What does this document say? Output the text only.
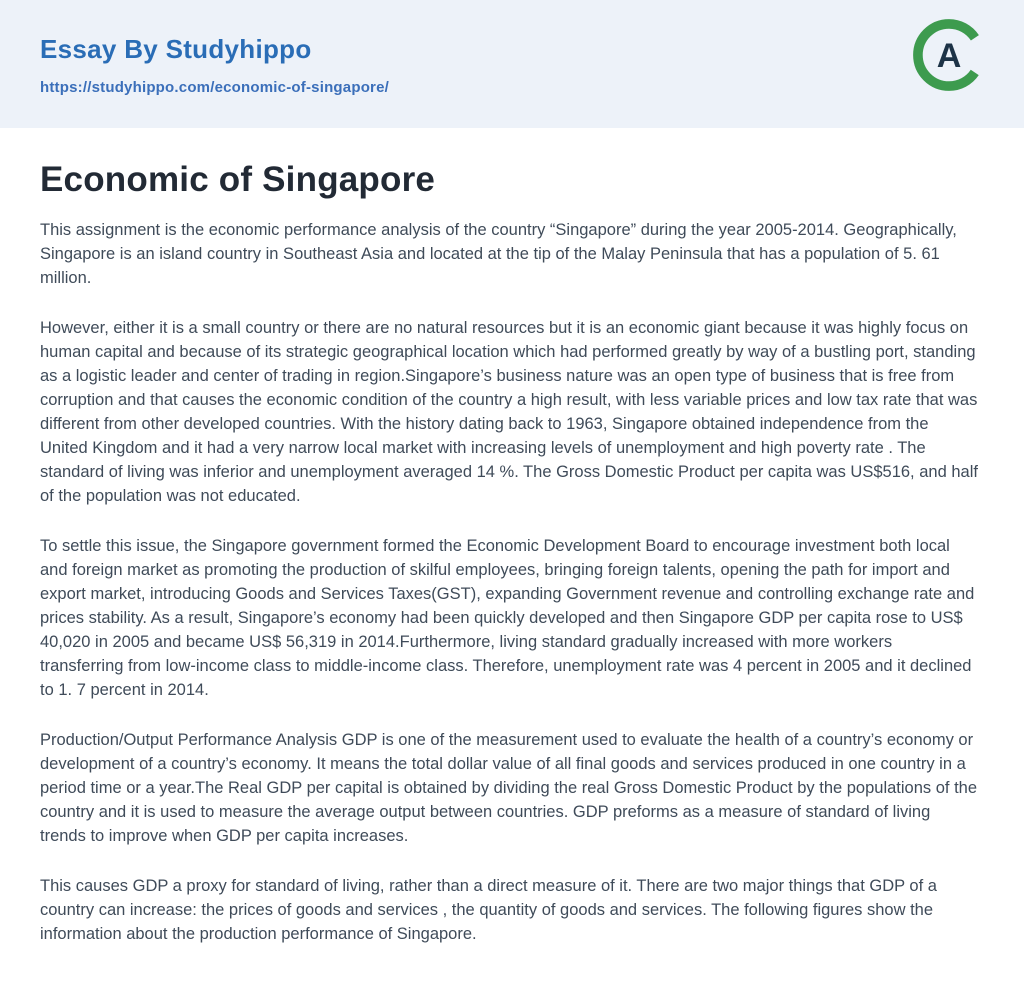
Essay By Studyhippo
https://studyhippo.com/economic-of-singapore/
A
Economic of Singapore

This assignment is the economic performance analysis of the country “Singapore” during the year 2005-2014. Geographically, Singapore is an island country in Southeast Asia and located at the tip of the Malay Peninsula that has a population of 5. 61 million.

However, either it is a small country or there are no natural resources but it is an economic giant because it was highly focus on human capital and because of its strategic geographical location which had performed greatly by way of a bustling port, standing as a logistic leader and center of trading in region.Singapore’s business nature was an open type of business that is free from corruption and that causes the economic condition of the country a high result, with less variable prices and low tax rate that was different from other developed countries. With the history dating back to 1963, Singapore obtained independence from the United Kingdom and it had a very narrow local market with increasing levels of unemployment and high poverty rate . The standard of living was inferior and unemployment averaged 14 %. The Gross Domestic Product per capita was US$516, and half of the population was not educated.

To settle this issue, the Singapore government formed the Economic Development Board to encourage investment both local and foreign market as promoting the production of skilful employees, bringing foreign talents, opening the path for import and export market, introducing Goods and Services Taxes(GST), expanding Government revenue and controlling exchange rate and prices stability. As a result, Singapore’s economy had been quickly developed and then Singapore GDP per capita rose to US$ 40,020 in 2005 and became US$ 56,319 in 2014.Furthermore, living standard gradually increased with more workers transferring from low-income class to middle-income class. Therefore, unemployment rate was 4 percent in 2005 and it declined to 1. 7 percent in 2014.

Production/Output Performance Analysis GDP is one of the measurement used to evaluate the health of a country’s economy or development of a country’s economy. It means the total dollar value of all final goods and services produced in one country in a period time or a year.The Real GDP per capital is obtained by dividing the real Gross Domestic Product by the populations of the country and it is used to measure the average output between countries. GDP preforms as a measure of standard of living trends to improve when GDP per capita increases.

This causes GDP a proxy for standard of living, rather than a direct measure of it. There are two major things that GDP of a country can increase: the prices of goods and services , the quantity of goods and services. The following figures show the information about the production performance of Singapore.
